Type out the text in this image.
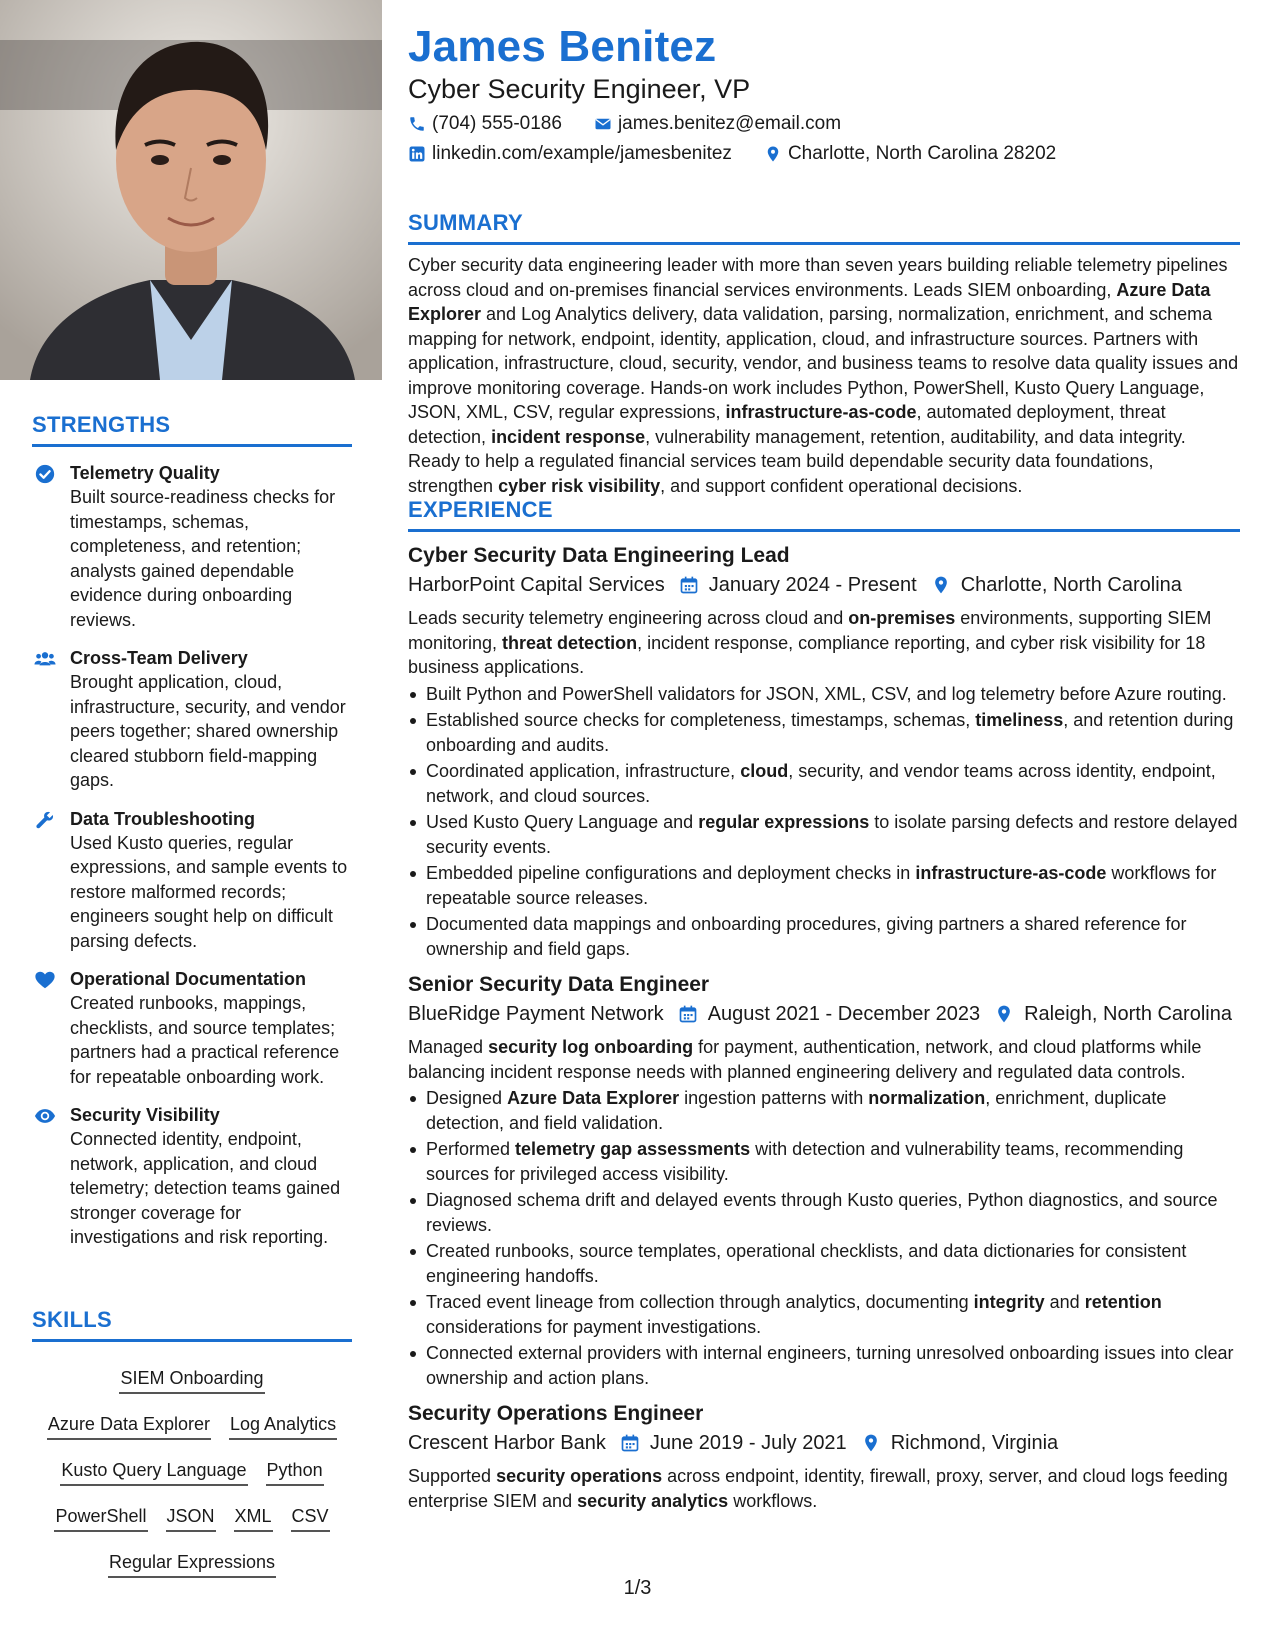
STRENGTHS
Telemetry Quality
Built source-readiness checks for timestamps, schemas, completeness, and retention; analysts gained dependable evidence during onboarding reviews.
Cross-Team Delivery
Brought application, cloud, infrastructure, security, and vendor peers together; shared ownership cleared stubborn field-mapping gaps.
Data Troubleshooting
Used Kusto queries, regular expressions, and sample events to restore malformed records; engineers sought help on difficult parsing defects.
Operational Documentation
Created runbooks, mappings, checklists, and source templates; partners had a practical reference for repeatable onboarding work.
Security Visibility
Connected identity, endpoint, network, application, and cloud telemetry; detection teams gained stronger coverage for investigations and risk reporting.
SKILLS
SIEM Onboarding
Azure Data Explorer Log Analytics
Kusto Query Language Python
PowerShell JSON XML CSV
Regular Expressions
James Benitez
Cyber Security Engineer, VP
(704) 555-0186	james.benitez@email.com
linkedin.com/example/jamesbenitez	Charlotte, North Carolina 28202
SUMMARY
Cyber security data engineering leader with more than seven years building reliable telemetry pipelines across cloud and on-premises financial services environments. Leads SIEM onboarding, Azure Data Explorer and Log Analytics delivery, data validation, parsing, normalization, enrichment, and schema mapping for network, endpoint, identity, application, cloud, and infrastructure sources. Partners with application, infrastructure, cloud, security, vendor, and business teams to resolve data quality issues and improve monitoring coverage. Hands-on work includes Python, PowerShell, Kusto Query Language, JSON, XML, CSV, regular expressions, infrastructure-as-code, automated deployment, threat detection, incident response, vulnerability management, retention, auditability, and data integrity. Ready to help a regulated financial services team build dependable security data foundations, strengthen cyber risk visibility, and support confident operational decisions.
EXPERIENCE
Cyber Security Data Engineering Lead
HarborPoint Capital Services January 2024 - Present Charlotte, North Carolina
Leads security telemetry engineering across cloud and on-premises environments, supporting SIEM monitoring, threat detection, incident response, compliance reporting, and cyber risk visibility for 18 business applications.
Built Python and PowerShell validators for JSON, XML, CSV, and log telemetry before Azure routing.
Established source checks for completeness, timestamps, schemas, timeliness, and retention during onboarding and audits.
Coordinated application, infrastructure, cloud, security, and vendor teams across identity, endpoint, network, and cloud sources.
Used Kusto Query Language and regular expressions to isolate parsing defects and restore delayed security events.
Embedded pipeline configurations and deployment checks in infrastructure-as-code workflows for repeatable source releases.
Documented data mappings and onboarding procedures, giving partners a shared reference for ownership and field gaps.
Senior Security Data Engineer
BlueRidge Payment Network August 2021 - December 2023 Raleigh, North Carolina
Managed security log onboarding for payment, authentication, network, and cloud platforms while balancing incident response needs with planned engineering delivery and regulated data controls.
Designed Azure Data Explorer ingestion patterns with normalization, enrichment, duplicate detection, and field validation.
Performed telemetry gap assessments with detection and vulnerability teams, recommending sources for privileged access visibility.
Diagnosed schema drift and delayed events through Kusto queries, Python diagnostics, and source reviews.
Created runbooks, source templates, operational checklists, and data dictionaries for consistent engineering handoffs.
Traced event lineage from collection through analytics, documenting integrity and retention considerations for payment investigations.
Connected external providers with internal engineers, turning unresolved onboarding issues into clear ownership and action plans.
Security Operations Engineer
Crescent Harbor Bank June 2019 - July 2021 Richmond, Virginia
Supported security operations across endpoint, identity, firewall, proxy, server, and cloud logs feeding enterprise SIEM and security analytics workflows.
1/3
